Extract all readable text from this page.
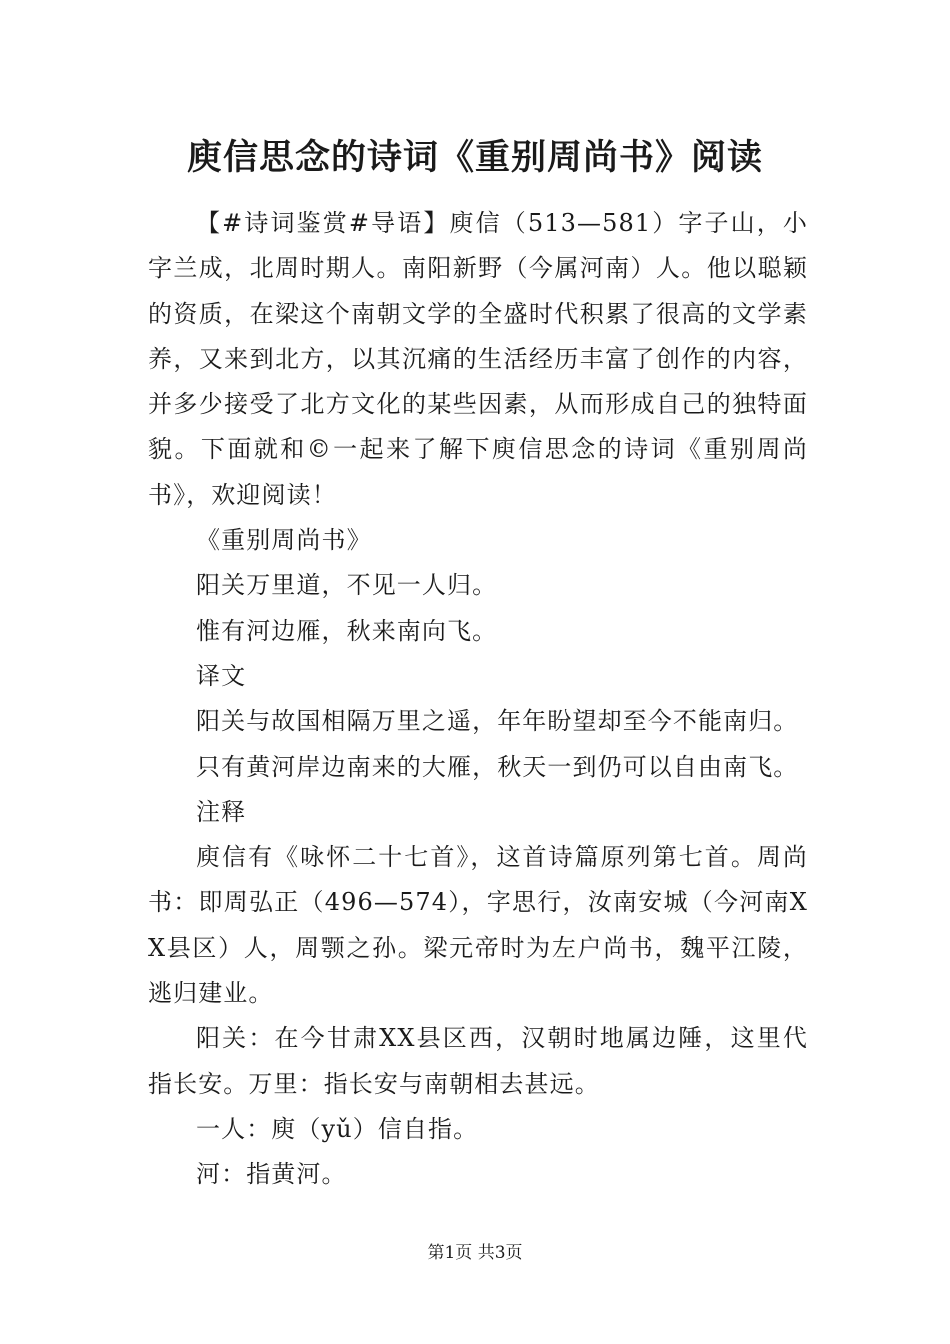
庾信思念的诗词《重别周尚书》阅读

【#诗词鉴赏#导语】庾信（513—581）字子山，小字兰成，北周时期人。南阳新野（今属河南）人。他以聪颖的资质，在梁这个南朝文学的全盛时代积累了很高的文学素养，又来到北方，以其沉痛的生活经历丰富了创作的内容，并多少接受了北方文化的某些因素，从而形成自己的独特面貌。下面就和©一起来了解下庾信思念的诗词《重别周尚书》，欢迎阅读！

《重别周尚书》

阳关万里道，不见一人归。

惟有河边雁，秋来南向飞。

译文

阳关与故国相隔万里之遥，年年盼望却至今不能南归。

只有黄河岸边南来的大雁，秋天一到仍可以自由南飞。

注释

庾信有《咏怀二十七首》，这首诗篇原列第七首。周尚书：即周弘正（496—574），字思行，汝南安城（今河南XX县区）人，周颚之孙。梁元帝时为左户尚书，魏平江陵，逃归建业。

阳关：在今甘肃XX县区西，汉朝时地属边陲，这里代指长安。万里：指长安与南朝相去甚远。

一人：庾（yǔ）信自指。

河：指黄河。

第1页 共3页
